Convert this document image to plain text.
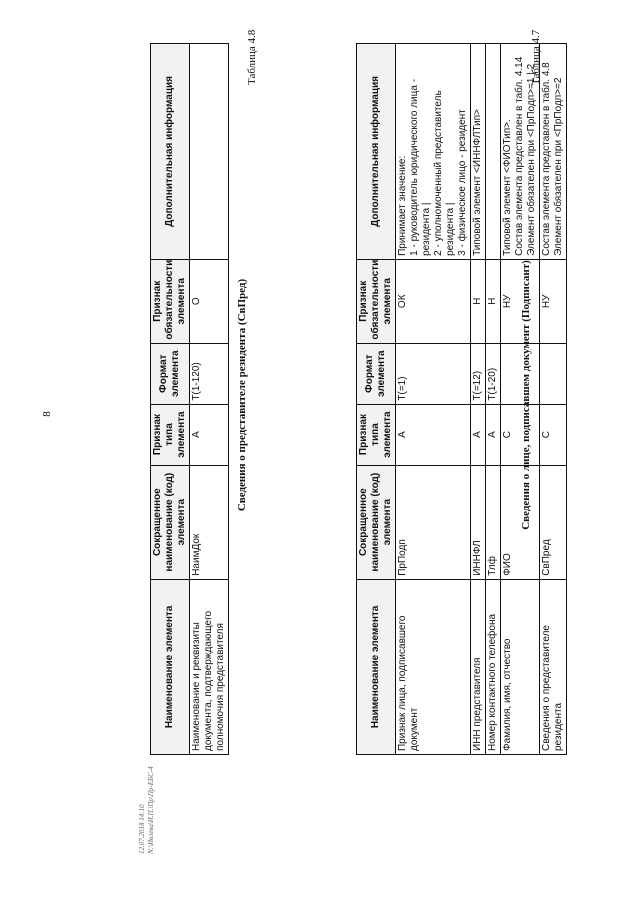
8
12.07.2018 14:10 N:\Ивлева\И.П.\Пр\Пр-ЕБС-4
Таблица 4.7
Сведения о лице, подписавшем документ (Подписант)
Наименование элемента	Сокращенное наименование (код) элемента	Признак типа элемента	Формат элемента	Признак обязательности элемента	Дополнительная информация
Признак лица, подписавшего документ	ПрПодп	А	T(=1)	ОК	Принимает значение:
1 - руководитель юридического лица - резидента |
2 - уполномоченный представитель резидента |
3 - физическое лицо - резидент
ИНН представителя	ИННФЛ	А	T(=12)	Н	Типовой элемент <ИННФЛТип>
Номер контактного телефона	Тлф	А	T(1-20)	Н	
Фамилия, имя, отчество	ФИО	С		НУ	Типовой элемент <ФИОТип>.
Состав элемента представлен в табл. 4.14
Элемент обязателен при <ПрПодп>=1 | 2
Сведения о представителе резидента	СвПред	С		НУ	Состав элемента представлен в табл. 4.8
Элемент обязателен при <ПрПодп>=2
Таблица 4.8
Сведения о представителе резидента (СвПред)
Наименование элемента	Сокращенное наименование (код) элемента	Признак типа элемента	Формат элемента	Признак обязательности элемента	Дополнительная информация
Наименование и реквизиты документа, подтверждающего полномочия представителя	НаимДок	А	T(1-120)	О	
